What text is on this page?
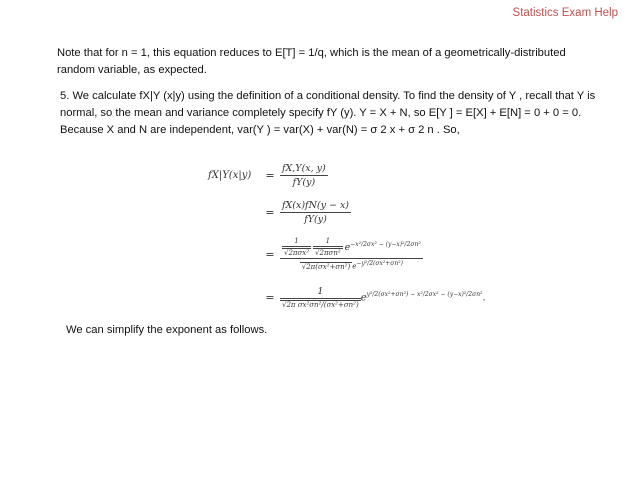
Statistics Exam Help
Note that for n = 1, this equation reduces to E[T] = 1/q, which is the mean of a geometrically-distributed random variable, as expected.
5. We calculate fX|Y (x|y) using the definition of a conditional density. To find the density of Y , recall that Y is normal, so the mean and variance completely specify fY (y). Y = X + N, so E[Y ] = E[X] + E[N] = 0 + 0 = 0. Because X and N are independent, var(Y ) = var(X) + var(N) = σ 2 x + σ 2 n . So,
fX|Y(x|y)	= $\frac{fX,Y(x, y)}{fY(y)}$
= $\frac{fX(x)fN(y - x)}{fY(y)}$
=	$\frac{1}{\text{√2πσx²}} \frac{1}{\text{√2πσn²}} e^{-x^2/2\sigma x^2 - (y-x)^2/2\sigma n^2}$
√2π(σx²+σn²) e−y²/2(σx²+σn²)
= $\frac{1}{\text{√2π σx²σn²/(σx²+σn²)}} e^{y^2/2(\sigma x^2+\sigma n^2) - x^2/2\sigma x^2 - (y-x)^2/2\sigma n^2}$.
We can simplify the exponent as follows.
